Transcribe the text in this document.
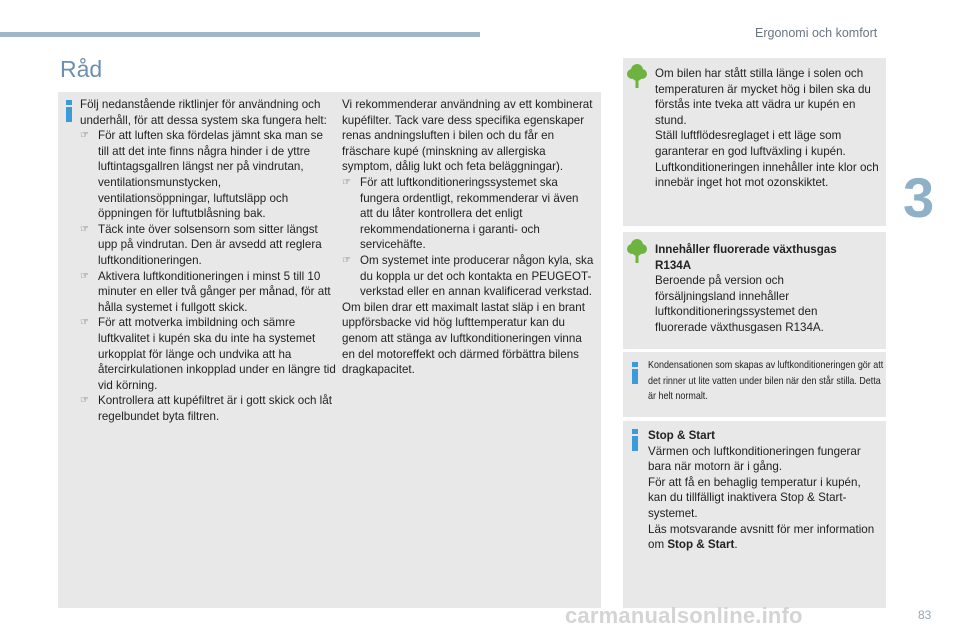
Ergonomi och komfort
Råd
3

Följ nedanstående riktlinjer för användning och underhåll, för att dessa system ska fungera helt:

☞ För att luften ska fördelas jämnt ska man se till att det inte finns några hinder i de yttre luftintagsgallren längst ner på vindrutan, ventilationsmunstycken, ventilationsöppningar, luftutsläpp och öppningen för luftutblåsning bak.

☞ Täck inte över solsensorn som sitter längst upp på vindrutan. Den är avsedd att reglera luftkonditioneringen.

☞ Aktivera luftkonditioneringen i minst 5 till 10 minuter en eller två gånger per månad, för att hålla systemet i fullgott skick.

☞ För att motverka imbildning och sämre luftkvalitet i kupén ska du inte ha systemet urkopplat för länge och undvika att ha återcirkulationen inkopplad under en längre tid vid körning.

☞ Kontrollera att kupéfiltret är i gott skick och låt regelbundet byta filtren.

Vi rekommenderar användning av ett kombinerat kupéfilter. Tack vare dess specifika egenskaper renas andningsluften i bilen och du får en fräschare kupé (minskning av allergiska symptom, dålig lukt och feta beläggningar).

☞ För att luftkonditioneringssystemet ska fungera ordentligt, rekommenderar vi även att du låter kontrollera det enligt rekommendationerna i garanti- och servicehäfte.

☞ Om systemet inte producerar någon kyla, ska du koppla ur det och kontakta en PEUGEOT-verkstad eller en annan kvalificerad verkstad.

Om bilen drar ett maximalt lastat släp i en brant uppförsbacke vid hög lufttemperatur kan du genom att stänga av luftkonditioneringen vinna en del motoreffekt och därmed förbättra bilens dragkapacitet.

Om bilen har stått stilla länge i solen och temperaturen är mycket hög i bilen ska du förstås inte tveka att vädra ur kupén en stund.

Ställ luftflödesreglaget i ett läge som garanterar en god luftväxling i kupén.

Luftkonditioneringen innehåller inte klor och innebär inget hot mot ozonskiktet.

Innehåller fluorerade växthusgas R134A

Beroende på version och försäljningsland innehåller luftkonditioneringssystemet den fluorerade växthusgasen R134A.

Kondensationen som skapas av luftkonditioneringen gör att det rinner ut lite vatten under bilen när den står stilla. Detta är helt normalt.

Stop & Start

Värmen och luftkonditioneringen fungerar bara när motorn är i gång.

För att få en behaglig temperatur i kupén, kan du tillfälligt inaktivera Stop & Start-systemet.

Läs motsvarande avsnitt för mer information om Stop & Start.

carmanualsonline.info	83
